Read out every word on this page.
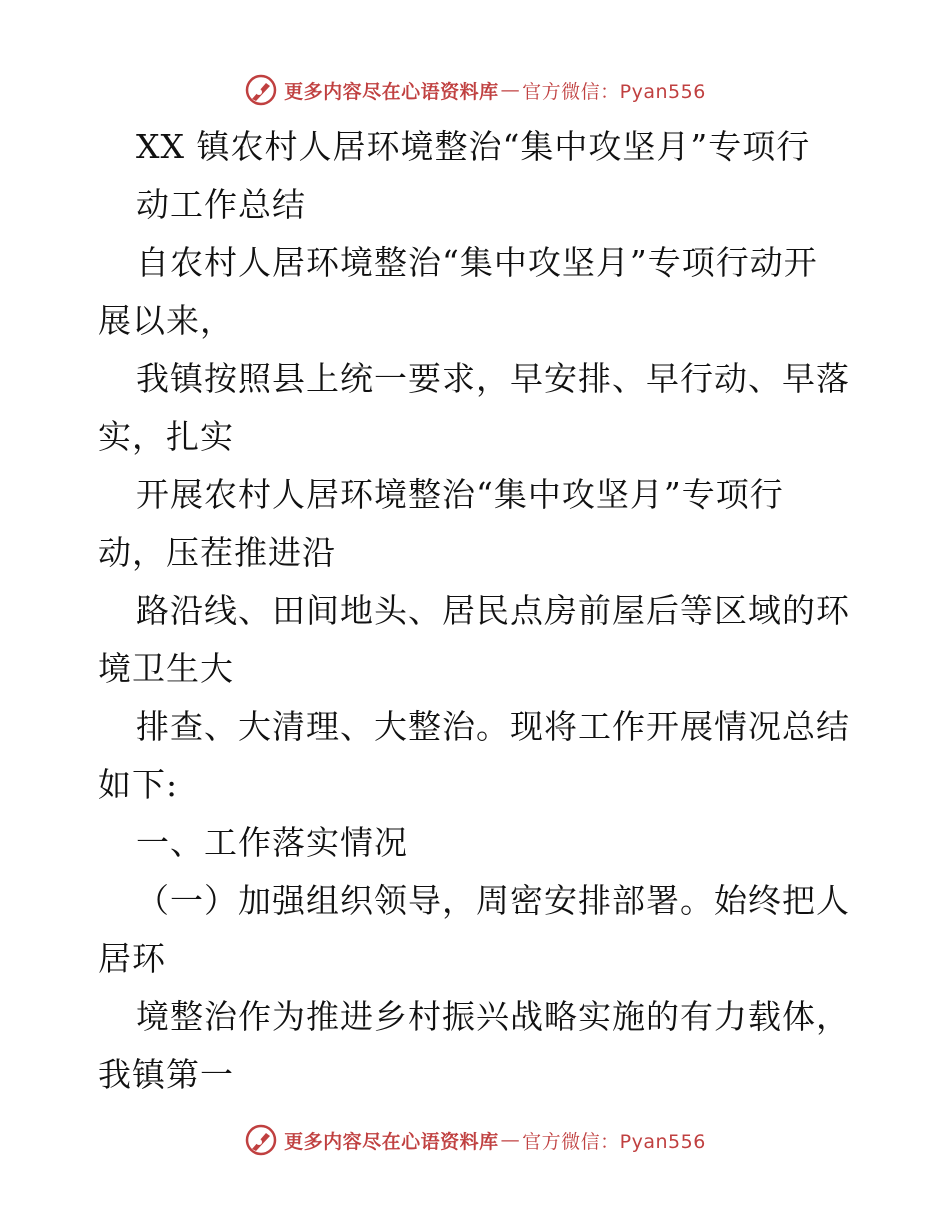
更多内容尽在心语资料库 — 官方微信：Pyan556
XX 镇农村人居环境整治“集中攻坚月”专项行
动工作总结
自农村人居环境整治“集中攻坚月”专项行动开
展以来，
我镇按照县上统一要求，早安排、早行动、早落
实，扎实
开展农村人居环境整治“集中攻坚月”专项行
动，压茬推进沿
路沿线、田间地头、居民点房前屋后等区域的环
境卫生大
排查、大清理、大整治。现将工作开展情况总结
如下:
一、工作落实情况
（一）加强组织领导，周密安排部署。始终把人
居环
境整治作为推进乡村振兴战略实施的有力载体，
我镇第一
更多内容尽在心语资料库 — 官方微信：Pyan556
